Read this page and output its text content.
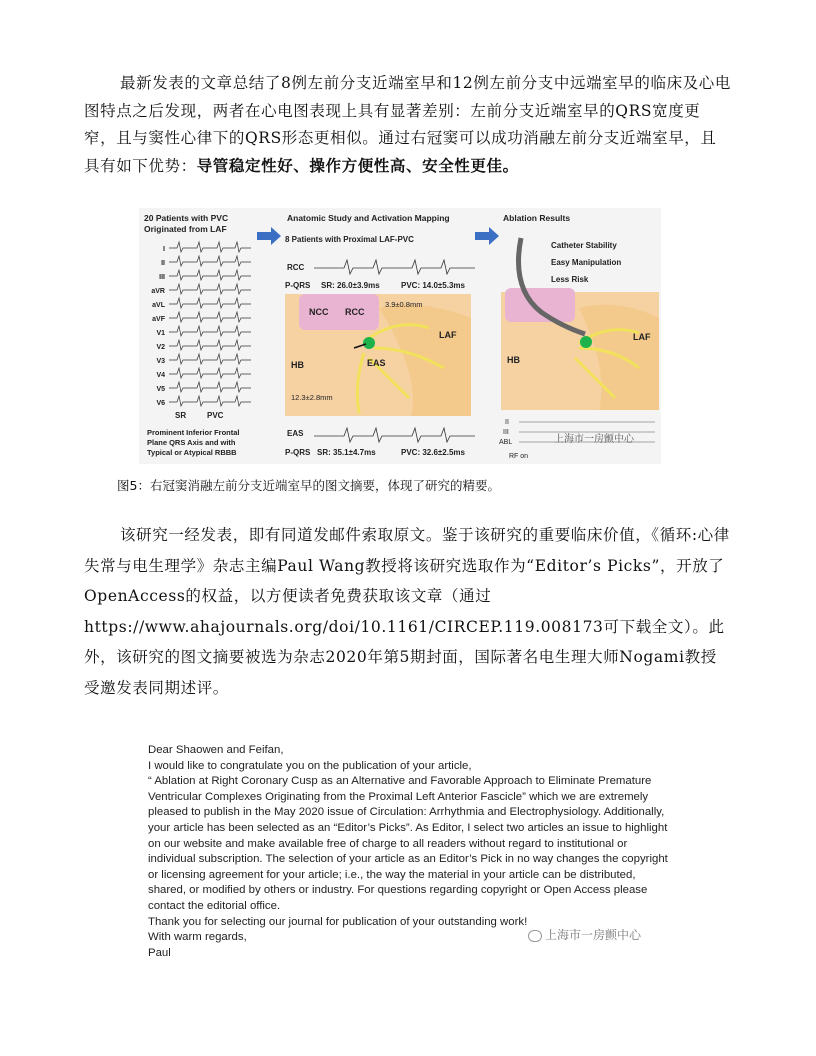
最新发表的文章总结了8例左前分支近端室早和12例左前分支中远端室早的临床及心电图特点之后发现，两者在心电图表现上具有显著差别：左前分支近端室早的QRS宽度更窄，且与窦性心律下的QRS形态更相似。通过右冠窦可以成功消融左前分支近端室早，且具有如下优势：导管稳定性好、操作方便性高、安全性更佳。
20 Patients with PVC
Originated from LAF
I
II
III
aVR
aVL
aVF
V1
V2
V3
V4
V5
V6
SR	PVC
Prominent Inferior Frontal
Plane QRS Axis and with
Typical or Atypical RBBB
Anatomic Study and Activation Mapping
8 Patients with Proximal LAF-PVC
RCC
P-QRS SR: 26.0±3.9ms	PVC: 14.0±5.3ms
NCC RCC
LAF
HB	EAS
3.9±0.8mm
12.3±2.8mm
EAS
P-QRS SR: 35.1±4.7ms	PVC: 32.6±2.5ms
Ablation Results
Catheter Stability
Easy Manipulation
Less Risk
LAF
HB
II
III
ABL
RF on
上海市一房颤中心
图5：右冠窦消融左前分支近端室早的图文摘要，体现了研究的精要。
该研究一经发表，即有同道发邮件索取原文。鉴于该研究的重要临床价值，《循环:心律失常与电生理学》杂志主编Paul Wang教授将该研究选取作为“Editor’s Picks”，开放了OpenAccess的权益，以方便读者免费获取该文章（通过https://www.ahajournals.org/doi/10.1161/CIRCEP.119.008173可下载全文）。此外，该研究的图文摘要被选为杂志2020年第5期封面，国际著名电生理大师Nogami教授受邀发表同期述评。
Dear Shaowen and Feifan,
I would like to congratulate you on the publication of your article,
“ Ablation at Right Coronary Cusp as an Alternative and Favorable Approach to Eliminate Premature
Ventricular Complexes Originating from the Proximal Left Anterior Fascicle” which we are extremely
pleased to publish in the May 2020 issue of Circulation: Arrhythmia and Electrophysiology. Additionally,
your article has been selected as an “Editor’s Picks”. As Editor, I select two articles an issue to highlight
on our website and make available free of charge to all readers without regard to institutional or
individual subscription. The selection of your article as an Editor’s Pick in no way changes the copyright
or licensing agreement for your article; i.e., the way the material in your article can be distributed,
shared, or modified by others or industry. For questions regarding copyright or Open Access please
contact the editorial office.
Thank you for selecting our journal for publication of your outstanding work!
With warm regards,
Paul
上海市一房颤中心
